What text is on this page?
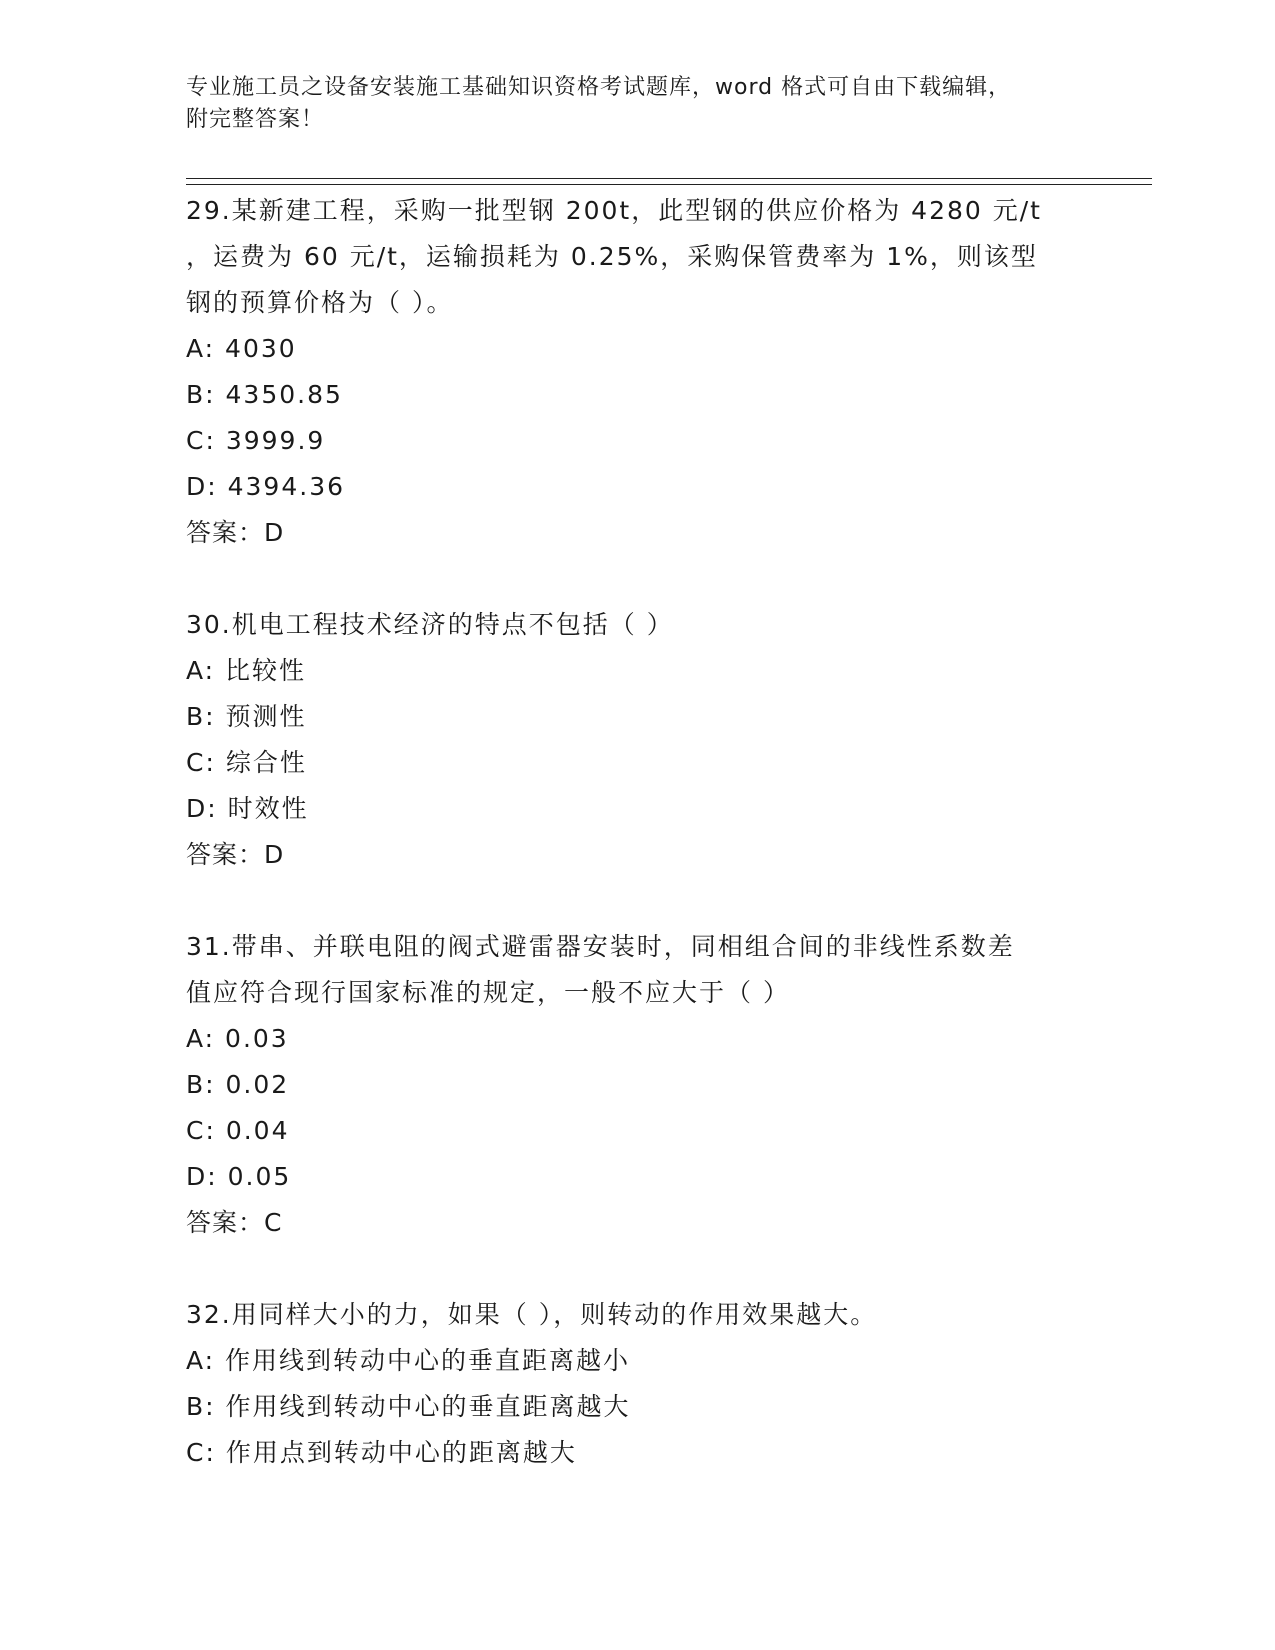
专业施工员之设备安装施工基础知识资格考试题库，word 格式可自由下载编辑，
附完整答案！

29.某新建工程，采购一批型钢 200t，此型钢的供应价格为 4280 元/t
，运费为 60 元/t，运输损耗为 0.25%，采购保管费率为 1%，则该型
钢的预算价格为（ ）。

A: 4030

B: 4350.85

C: 3999.9

D: 4394.36

答案：D

30.机电工程技术经济的特点不包括（ ）

A: 比较性

B: 预测性

C: 综合性

D: 时效性

答案：D

31.带串、并联电阻的阀式避雷器安装时，同相组合间的非线性系数差
值应符合现行国家标准的规定，一般不应大于（ ）

A: 0.03

B: 0.02

C: 0.04

D: 0.05

答案：C

32.用同样大小的力，如果（ ），则转动的作用效果越大。

A: 作用线到转动中心的垂直距离越小

B: 作用线到转动中心的垂直距离越大

C: 作用点到转动中心的距离越大
